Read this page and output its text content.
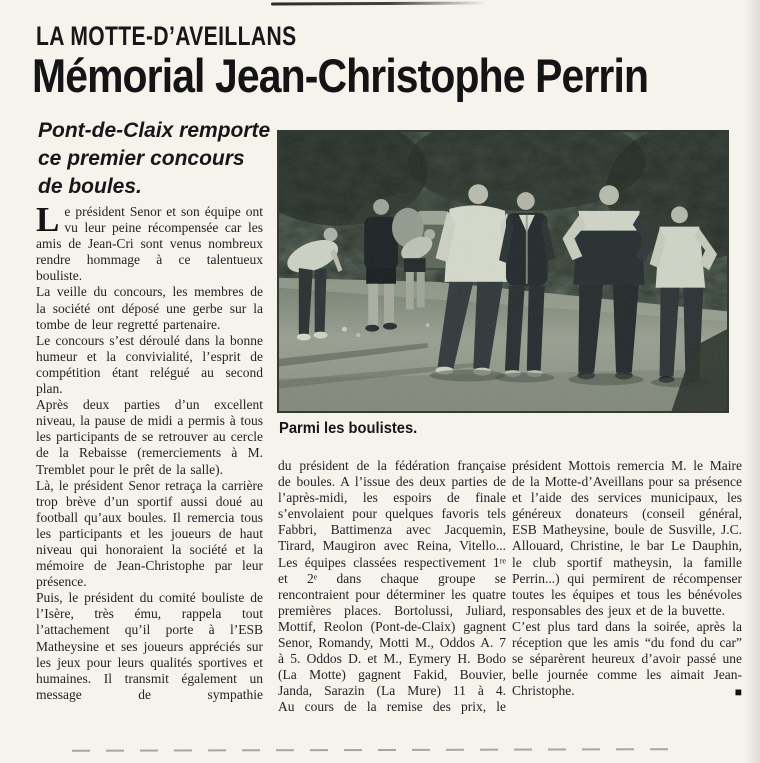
LA MOTTE-D’AVEILLANS
Mémorial Jean-Christophe Perrin
Pont-de-Claix remporte ce premier concours de boules.

Le président Senor et son équipe ont vu leur peine récompensée car les amis de Jean-Cri sont venus nombreux rendre hommage à ce talentueux bouliste.

La veille du concours, les membres de la société ont déposé une gerbe sur la tombe de leur regretté partenaire.

Le concours s’est déroulé dans la bonne humeur et la convivialité, l’esprit de compétition étant relégué au second plan.

Après deux parties d’un excellent niveau, la pause de midi a permis à tous les participants de se retrouver au cercle de la Rebaisse (remerciements à M. Tremblet pour le prêt de la salle).

Là, le président Senor retraça la carrière trop brève d’un sportif aussi doué au football qu’aux boules. Il remercia tous les participants et les joueurs de haut niveau qui honoraient la société et la mémoire de Jean-Christophe par leur présence.

Puis, le président du comité bouliste de l’Isère, très ému, rappela tout l’attachement qu’il porte à l’ESB Matheysine et ses joueurs appréciés sur les jeux pour leurs qualités sportives et humaines. Il transmit également un message de sympathie

Parmi les boulistes.

du président de la fédération française de boules. A l’issue des deux parties de l’après-midi, les espoirs de finale s’envolaient pour quelques favoris tels Fabbri, Battimenza avec Jacquemin, Tirard, Maugiron avec Reina, Vitello... Les équipes classées respectivement 1ʳᵉ et 2ᵉ dans chaque groupe se rencontraient pour déterminer les quatre premières places. Bortolussi, Juliard, Mottif, Reolon (Pont-de-Claix) gagnent Senor, Romandy, Motti M., Oddos A. 7 à 5. Oddos D. et M., Eymery H. Bodo (La Motte) gagnent Fakid, Bouvier, Janda, Sarazin (La Mure) 11 à 4.

Au cours de la remise des prix, le

président Mottois remercia M. le Maire de la Motte-d’Aveillans pour sa présence et l’aide des services municipaux, les généreux donateurs (conseil général, ESB Matheysine, boule de Susville, J.C. Allouard, Christine, le bar Le Dauphin, le club sportif matheysin, la famille Perrin...) qui permirent de récompenser toutes les équipes et tous les bénévoles responsables des jeux et de la buvette.

C’est plus tard dans la soirée, après la réception que les amis “du fond du car” se séparèrent heureux d’avoir passé une belle journée comme les aimait Jean-Christophe.	■
